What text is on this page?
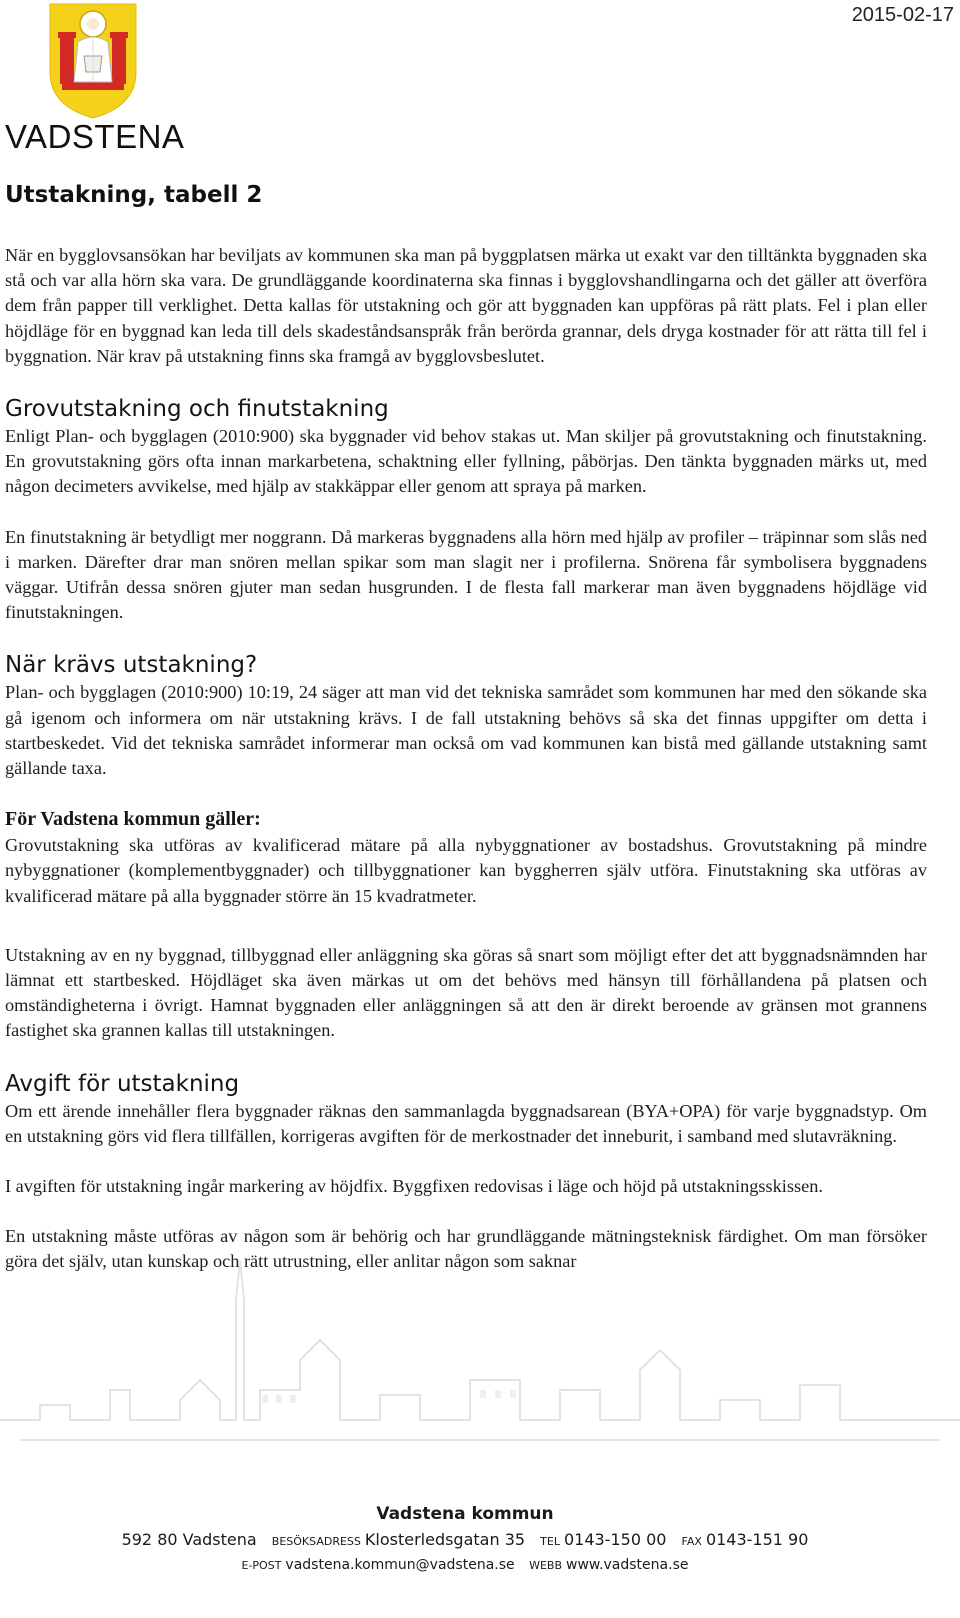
2015-02-17
VADSTENA
Utstakning, tabell 2

När en bygglovsansökan har beviljats av kommunen ska man på byggplatsen märka ut exakt var den tilltänkta byggnaden ska stå och var alla hörn ska vara. De grundläggande koordinaterna ska finnas i bygglovshandlingarna och det gäller att överföra dem från papper till verklighet. Detta kallas för utstakning och gör att byggnaden kan uppföras på rätt plats. Fel i plan eller höjdläge för en byggnad kan leda till dels skadeståndsanspråk från berörda grannar, dels dryga kostnader för att rätta till fel i byggnation. När krav på utstakning finns ska framgå av bygglovsbeslutet.

Grovutstakning och finutstakning

Enligt Plan- och bygglagen (2010:900) ska byggnader vid behov stakas ut. Man skiljer på grovutstakning och finutstakning. En grovutstakning görs ofta innan markarbetena, schaktning eller fyllning, påbörjas. Den tänkta byggnaden märks ut, med någon decimeters avvikelse, med hjälp av stakkäppar eller genom att spraya på marken.

En finutstakning är betydligt mer noggrann. Då markeras byggnadens alla hörn med hjälp av profiler – träpinnar som slås ned i marken. Därefter drar man snören mellan spikar som man slagit ner i profilerna. Snörena får symbolisera byggnadens väggar. Utifrån dessa snören gjuter man sedan husgrunden. I de flesta fall markerar man även byggnadens höjdläge vid finutstakningen.

När krävs utstakning?

Plan- och bygglagen (2010:900) 10:19, 24 säger att man vid det tekniska samrådet som kommunen har med den sökande ska gå igenom och informera om när utstakning krävs. I de fall utstakning behövs så ska det finnas uppgifter om detta i startbeskedet. Vid det tekniska samrådet informerar man också om vad kommunen kan bistå med gällande utstakning samt gällande taxa.

För Vadstena kommun gäller:

Grovutstakning ska utföras av kvalificerad mätare på alla nybyggnationer av bostadshus. Grovutstakning på mindre nybyggnationer (komplementbyggnader) och tillbyggnationer kan byggherren själv utföra. Finutstakning ska utföras av kvalificerad mätare på alla byggnader större än 15 kvadratmeter.

Utstakning av en ny byggnad, tillbyggnad eller anläggning ska göras så snart som möjligt efter det att byggnadsnämnden har lämnat ett startbesked. Höjdläget ska även märkas ut om det behövs med hänsyn till förhållandena på platsen och omständigheterna i övrigt. Hamnat byggnaden eller anläggningen så att den är direkt beroende av gränsen mot grannens fastighet ska grannen kallas till utstakningen.

Avgift för utstakning

Om ett ärende innehåller flera byggnader räknas den sammanlagda byggnadsarean (BYA+OPA) för varje byggnadstyp. Om en utstakning görs vid flera tillfällen, korrigeras avgiften för de merkostnader det inneburit, i samband med slutavräkning.

I avgiften för utstakning ingår markering av höjdfix. Byggfixen redovisas i läge och höjd på utstakningsskissen.

En utstakning måste utföras av någon som är behörig och har grundläggande mätningsteknisk färdighet. Om man försöker göra det själv, utan kunskap och rätt utrustning, eller anlitar någon som saknar

Vadstena kommun
592 80 Vadstena BESÖKSADRESS Klosterledsgatan 35 TEL 0143-150 00 FAX 0143-151 90
E-POST vadstena.kommun@vadstena.se WEBB www.vadstena.se
